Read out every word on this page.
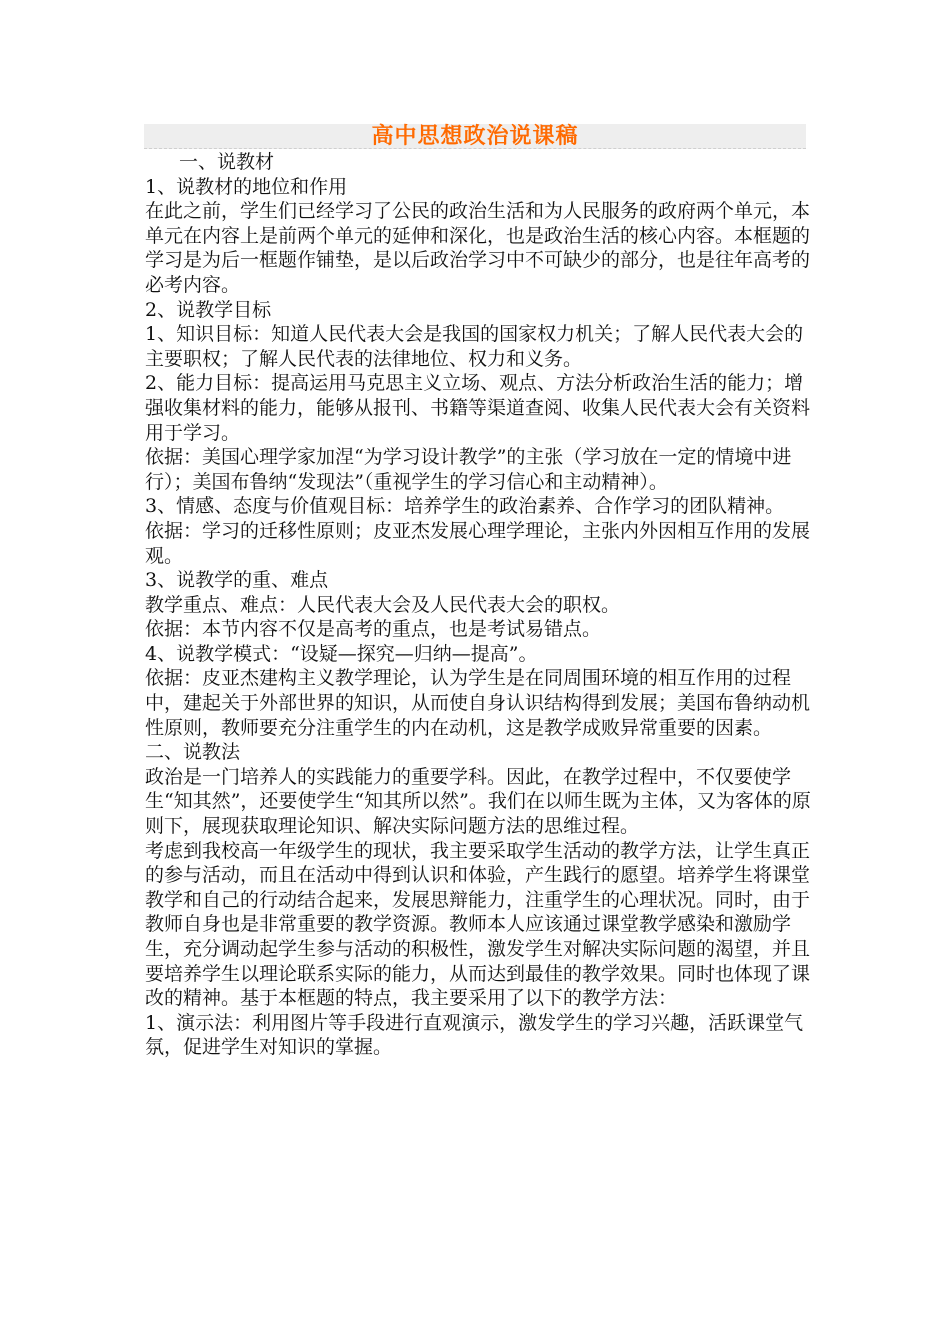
高中思想政治说课稿

一、说教材

1、说教材的地位和作用

在此之前，学生们已经学习了公民的政治生活和为人民服务的政府两个单元，本单元在内容上是前两个单元的延伸和深化，也是政治生活的核心内容。本框题的学习是为后一框题作铺垫，是以后政治学习中不可缺少的部分，也是往年高考的必考内容。

2、说教学目标

1、知识目标：知道人民代表大会是我国的国家权力机关；了解人民代表大会的主要职权；了解人民代表的法律地位、权力和义务。

2、能力目标：提高运用马克思主义立场、观点、方法分析政治生活的能力；增强收集材料的能力，能够从报刊、书籍等渠道查阅、收集人民代表大会有关资料用于学习。

依据：美国心理学家加涅“为学习设计教学”的主张（学习放在一定的情境中进行）；美国布鲁纳“发现法”（重视学生的学习信心和主动精神）。

3、情感、态度与价值观目标：培养学生的政治素养、合作学习的团队精神。

依据：学习的迁移性原则；皮亚杰发展心理学理论，主张内外因相互作用的发展观。

3、说教学的重、难点

教学重点、难点：人民代表大会及人民代表大会的职权。

依据：本节内容不仅是高考的重点，也是考试易错点。

4、说教学模式：“设疑—探究—归纳—提高”。

依据：皮亚杰建构主义教学理论，认为学生是在同周围环境的相互作用的过程中，建起关于外部世界的知识，从而使自身认识结构得到发展；美国布鲁纳动机性原则，教师要充分注重学生的内在动机，这是教学成败异常重要的因素。

二、说教法

政治是一门培养人的实践能力的重要学科。因此，在教学过程中，不仅要使学生“知其然”，还要使学生“知其所以然”。我们在以师生既为主体，又为客体的原则下，展现获取理论知识、解决实际问题方法的思维过程。

考虑到我校高一年级学生的现状，我主要采取学生活动的教学方法，让学生真正的参与活动，而且在活动中得到认识和体验，产生践行的愿望。培养学生将课堂教学和自己的行动结合起来，发展思辩能力，注重学生的心理状况。同时，由于教师自身也是非常重要的教学资源。教师本人应该通过课堂教学感染和激励学生，充分调动起学生参与活动的积极性，激发学生对解决实际问题的渴望，并且要培养学生以理论联系实际的能力，从而达到最佳的教学效果。同时也体现了课改的精神。基于本框题的特点，我主要采用了以下的教学方法：

1、演示法：利用图片等手段进行直观演示，激发学生的学习兴趣，活跃课堂气氛，促进学生对知识的掌握。
